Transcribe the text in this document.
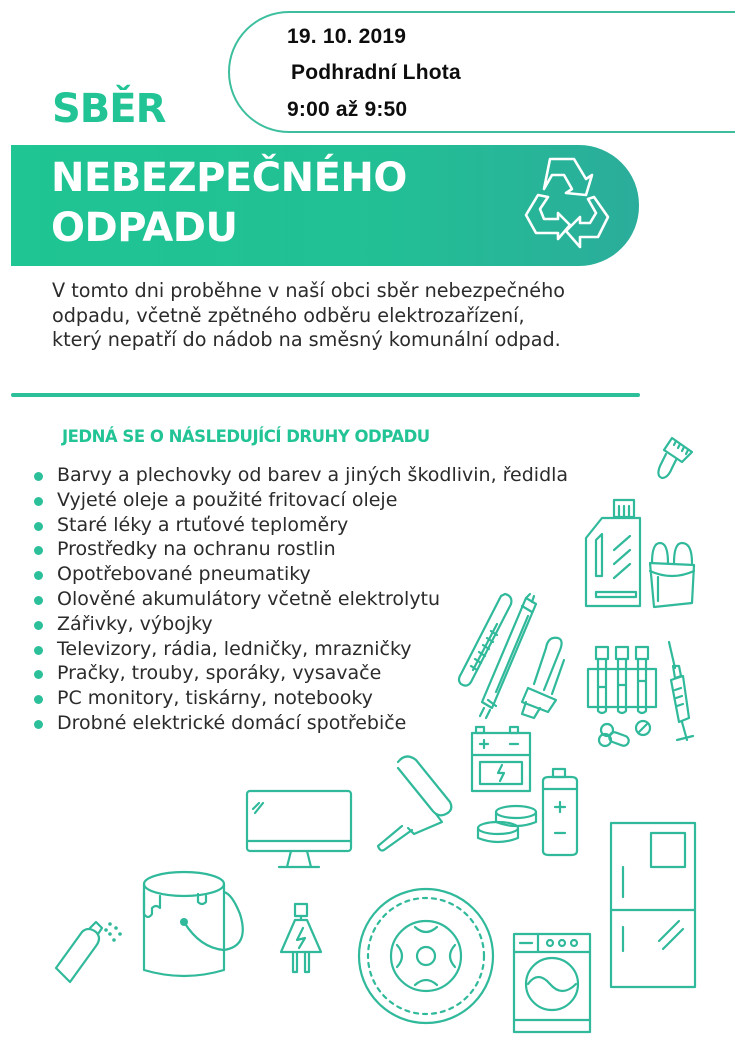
19. 10. 2019
Podhradní Lhota
9:00 až 9:50
SBĚR
NEBEZPEČNÉHO
ODPADU
V tomto dni proběhne v naší obci sběr nebezpečného
odpadu, včetně zpětného odběru elektrozařízení,
který nepatří do nádob na směsný komunální odpad.
JEDNÁ SE O NÁSLEDUJÍCÍ DRUHY ODPADU
Barvy a plechovky od barev a jiných škodlivin, ředidla
Vyjeté oleje a použité fritovací oleje
Staré léky a rtuťové teploměry
Prostředky na ochranu rostlin
Opotřebované pneumatiky
Olověné akumulátory včetně elektrolytu
Zářivky, výbojky
Televizory, rádia, ledničky, mrazničky
Pračky, trouby, sporáky, vysavače
PC monitory, tiskárny, notebooky
Drobné elektrické domácí spotřebiče
